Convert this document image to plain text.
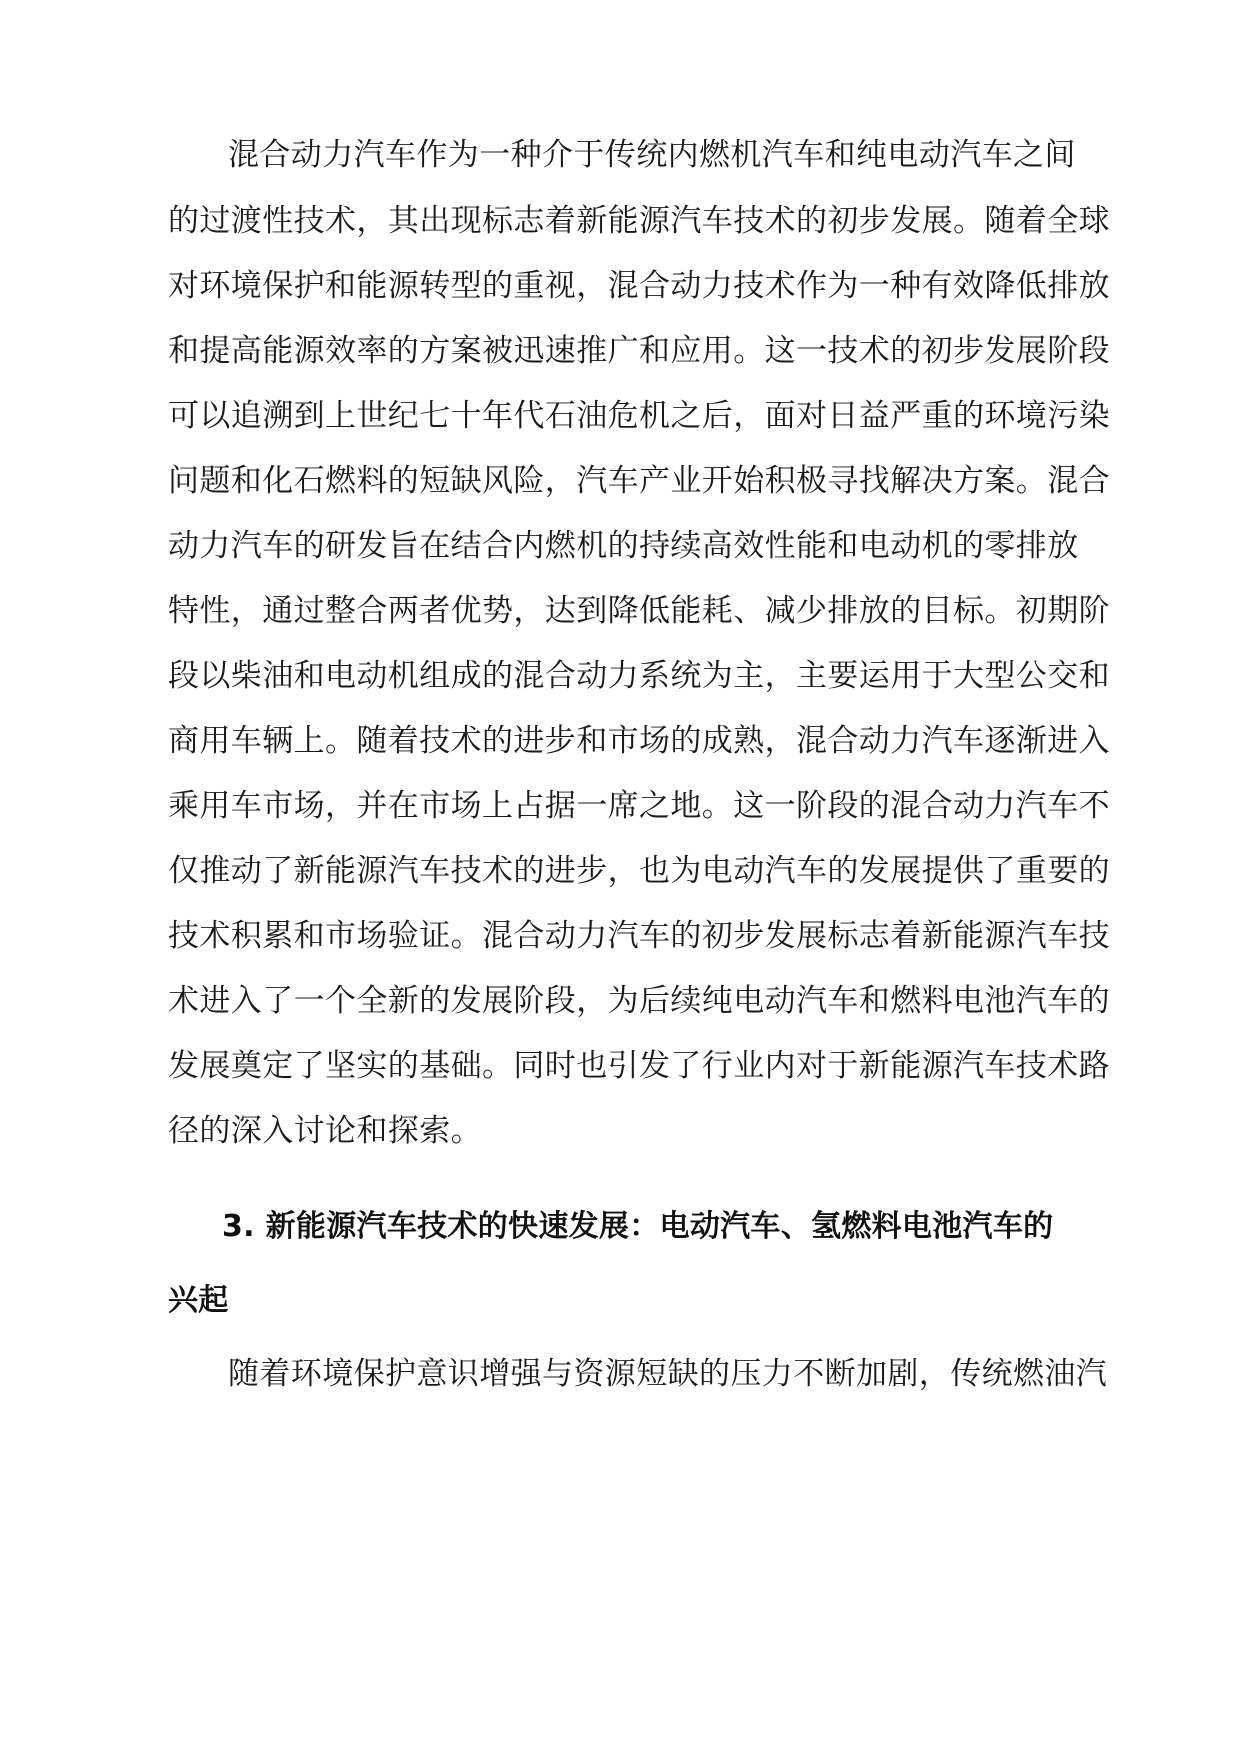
混合动力汽车作为一种介于传统内燃机汽车和纯电动汽车之间
的过渡性技术，其出现标志着新能源汽车技术的初步发展。随着全球
对环境保护和能源转型的重视，混合动力技术作为一种有效降低排放
和提高能源效率的方案被迅速推广和应用。这一技术的初步发展阶段
可以追溯到上世纪七十年代石油危机之后，面对日益严重的环境污染
问题和化石燃料的短缺风险，汽车产业开始积极寻找解决方案。混合
动力汽车的研发旨在结合内燃机的持续高效性能和电动机的零排放
特性，通过整合两者优势，达到降低能耗、减少排放的目标。初期阶
段以柴油和电动机组成的混合动力系统为主，主要运用于大型公交和
商用车辆上。随着技术的进步和市场的成熟，混合动力汽车逐渐进入
乘用车市场，并在市场上占据一席之地。这一阶段的混合动力汽车不
仅推动了新能源汽车技术的进步，也为电动汽车的发展提供了重要的
技术积累和市场验证。混合动力汽车的初步发展标志着新能源汽车技
术进入了一个全新的发展阶段，为后续纯电动汽车和燃料电池汽车的
发展奠定了坚实的基础。同时也引发了行业内对于新能源汽车技术路
径的深入讨论和探索。
3. 新能源汽车技术的快速发展：电动汽车、氢燃料电池汽车的
兴起
随着环境保护意识增强与资源短缺的压力不断加剧，传统燃油汽
